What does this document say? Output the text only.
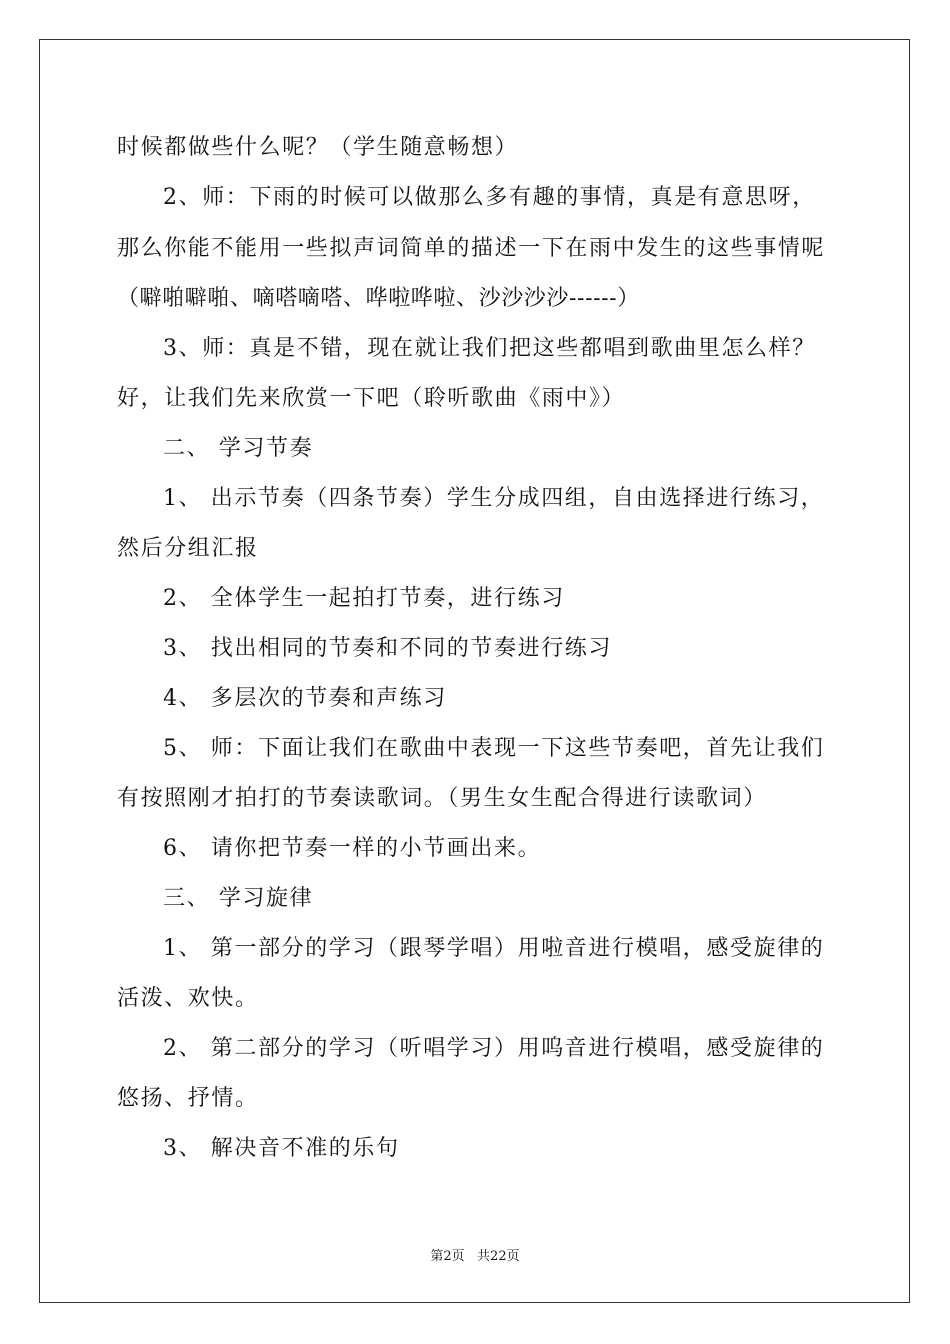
时候都做些什么呢？（学生随意畅想）
2、师：下雨的时候可以做那么多有趣的事情，真是有意思呀，
那么你能不能用一些拟声词简单的描述一下在雨中发生的这些事情呢
（噼啪噼啪、嘀嗒嘀嗒、哗啦哗啦、沙沙沙沙------）
3、师：真是不错，现在就让我们把这些都唱到歌曲里怎么样？
好，让我们先来欣赏一下吧（聆听歌曲《雨中》）
二、 学习节奏
1、 出示节奏（四条节奏）学生分成四组，自由选择进行练习，
然后分组汇报
2、 全体学生一起拍打节奏，进行练习
3、 找出相同的节奏和不同的节奏进行练习
4、 多层次的节奏和声练习
5、 师：下面让我们在歌曲中表现一下这些节奏吧，首先让我们
有按照刚才拍打的节奏读歌词。（男生女生配合得进行读歌词）
6、 请你把节奏一样的小节画出来。
三、 学习旋律
1、 第一部分的学习（跟琴学唱）用啦音进行模唱，感受旋律的
活泼、欢快。
2、 第二部分的学习（听唱学习）用呜音进行模唱，感受旋律的
悠扬、抒情。
3、 解决音不准的乐句
第2页   共22页
